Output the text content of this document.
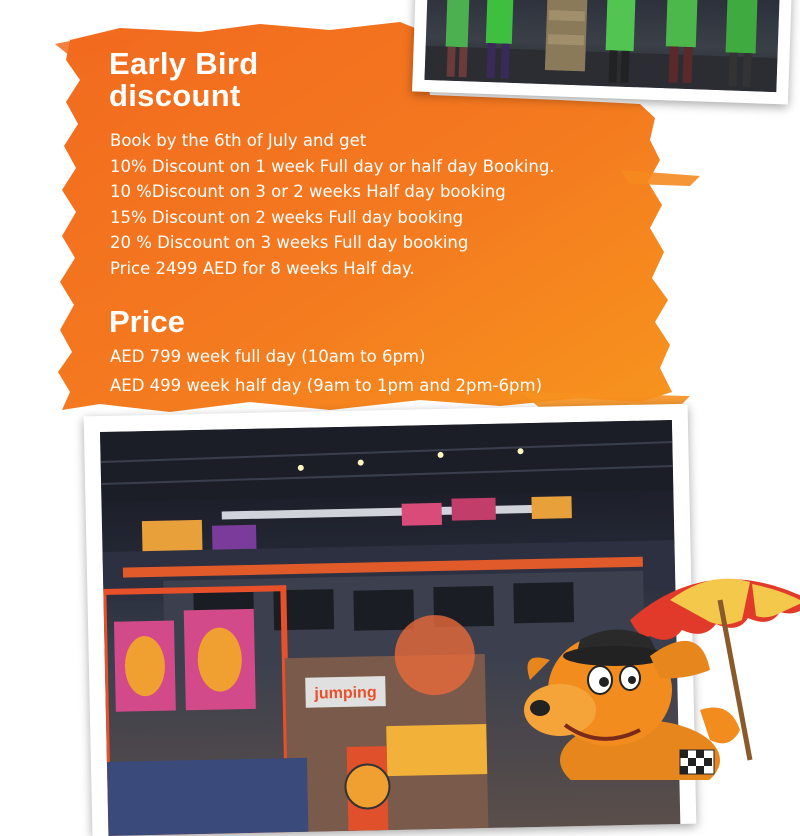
Early Bird
discount
Book by the 6th of July and get
10% Discount on 1 week Full day or half day Booking.
10 %Discount on 3 or 2 weeks Half day booking
15% Discount on 2 weeks Full day booking
20 % Discount on 3 weeks Full day booking
Price 2499 AED for 8 weeks Half day.
Price
AED 799 week full day (10am to 6pm)
AED 499 week half day (9am to 1pm and 2pm-6pm)
jumping
